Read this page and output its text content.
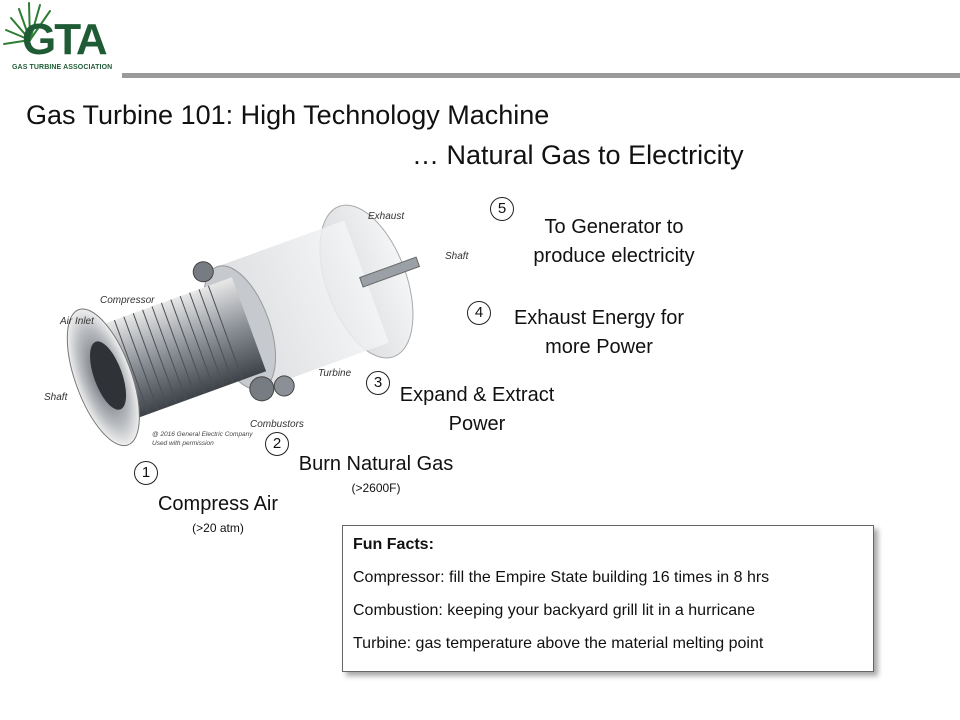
GTA
GAS TURBINE ASSOCIATION
Gas Turbine 101: High Technology Machine
… Natural Gas to Electricity
Exhaust
Shaft
Compressor
Air Inlet
Turbine
Shaft
Combustors
@ 2016 General Electric Company
Used with permission
5
To Generator to
produce electricity
4	Exhaust Energy for
more Power
3
Expand & Extract
Power
2
Burn Natural Gas
(>2600F)
1
Compress Air
(>20 atm)
Fun Facts:
Compressor: fill the Empire State building 16 times in 8 hrs
Combustion: keeping your backyard grill lit in a hurricane
Turbine: gas temperature above the material melting point
